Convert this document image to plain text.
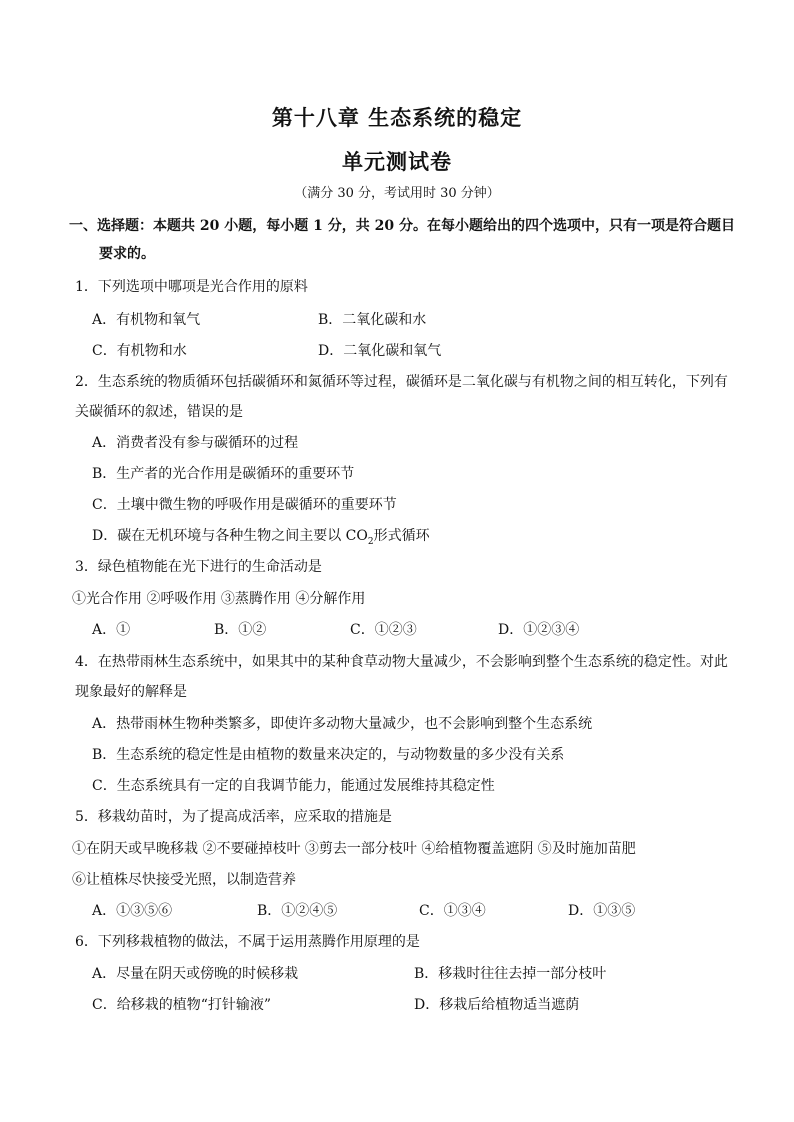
第十八章 生态系统的稳定
单元测试卷
（满分 30 分，考试用时 30 分钟）
一、选择题：本题共 20 小题，每小题 1 分，共 20 分。在每小题给出的四个选项中，只有一项是符合题目
要求的。
1．下列选项中哪项是光合作用的原料
A．有机物和氧气	B．二氧化碳和水
C．有机物和水	D．二氧化碳和氧气
2．生态系统的物质循环包括碳循环和氮循环等过程，碳循环是二氧化碳与有机物之间的相互转化，下列有
关碳循环的叙述，错误的是
A．消费者没有参与碳循环的过程
B．生产者的光合作用是碳循环的重要环节
C．土壤中微生物的呼吸作用是碳循环的重要环节
D．碳在无机环境与各种生物之间主要以 $CO_2$形式循环
3．绿色植物能在光下进行的生命活动是
①光合作用 ②呼吸作用 ③蒸腾作用 ④分解作用
A．①	B．①②	C．①②③	D．①②③④
4．在热带雨林生态系统中，如果其中的某种食草动物大量减少，不会影响到整个生态系统的稳定性。对此
现象最好的解释是
A．热带雨林生物种类繁多，即使许多动物大量减少，也不会影响到整个生态系统
B．生态系统的稳定性是由植物的数量来决定的，与动物数量的多少没有关系
C．生态系统具有一定的自我调节能力，能通过发展维持其稳定性
5．移栽幼苗时，为了提高成活率，应采取的措施是
①在阴天或早晚移栽 ②不要碰掉枝叶 ③剪去一部分枝叶 ④给植物覆盖遮阴 ⑤及时施加苗肥
⑥让植株尽快接受光照，以制造营养
A．①③⑤⑥	B．①②④⑤	C．①③④	D．①③⑤
6．下列移栽植物的做法，不属于运用蒸腾作用原理的是
A．尽量在阴天或傍晚的时候移栽	B．移栽时往往去掉一部分枝叶
C．给移栽的植物“打针输液”	D．移栽后给植物适当遮荫
